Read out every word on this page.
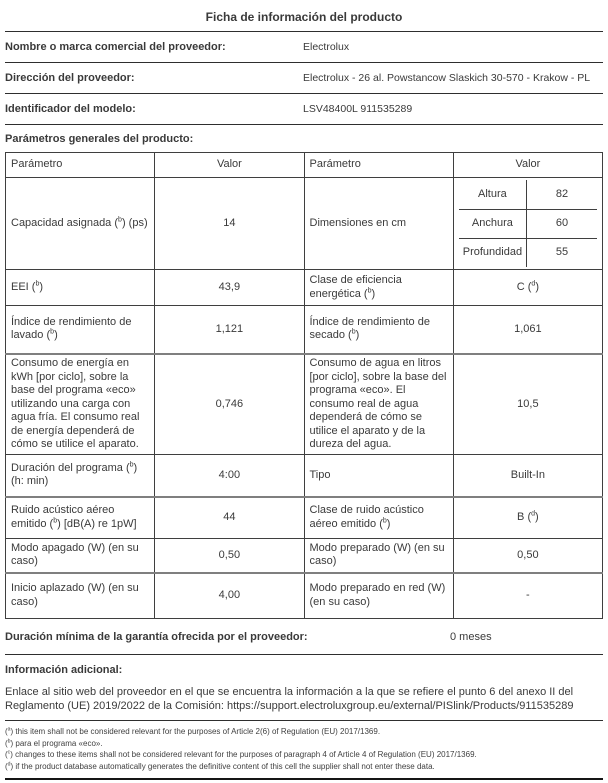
Ficha de información del producto
Nombre o marca comercial del proveedor:	Electrolux
Dirección del proveedor:	Electrolux - 26 al. Powstancow Slaskich 30-570 - Krakow - PL
Identificador del modelo:	LSV48400L 911535289
Parámetros generales del producto:
Parámetro	Valor	Parámetro	Valor
Capacidad asignada ($^b$) (ps)	14	Dimensiones en cm	
Altura	82
Anchura	60
Profundidad	55

EEI ($^b$)	43,9	Clase de eficiencia energética ($^b$)	C ($^d$)
Índice de rendimiento de lavado ($^b$)	1,121	Índice de rendimiento de secado ($^b$)	1,061
Consumo de energía en kWh [por ciclo], sobre la base del programa «eco» utilizando una carga con agua fría. El consumo real de energía dependerá de cómo se utilice el aparato.	0,746	Consumo de agua en litros [por ciclo], sobre la base del programa «eco». El consumo real de agua dependerá de cómo se utilice el aparato y de la dureza del agua.	10,5
Duración del programa ($^b$) (h: min)	4:00	Tipo	Built-In
Ruido acústico aéreo emitido ($^b$) [dB(A) re 1pW]	44	Clase de ruido acústico aéreo emitido ($^b$)	B ($^d$)
Modo apagado (W) (en su caso)	0,50	Modo preparado (W) (en su caso)	0,50
Inicio aplazado (W) (en su caso)	4,00	Modo preparado en red (W) (en su caso)	-
Duración mínima de la garantía ofrecida por el proveedor:	0 meses
Información adicional:
Enlace al sitio web del proveedor en el que se encuentra la información a la que se refiere el punto 6 del anexo II del Reglamento (UE) 2019/2022 de la Comisión: https://support.electroluxgroup.eu/external/PISlink/Products/911535289
($^a$) this item shall not be considered relevant for the purposes of Article 2(6) of Regulation (EU) 2017/1369.
($^b$) para el programa «eco».
($^c$) changes to these items shall not be considered relevant for the purposes of paragraph 4 of Article 4 of Regulation (EU) 2017/1369.
($^d$) if the product database automatically generates the definitive content of this cell the supplier shall not enter these data.
